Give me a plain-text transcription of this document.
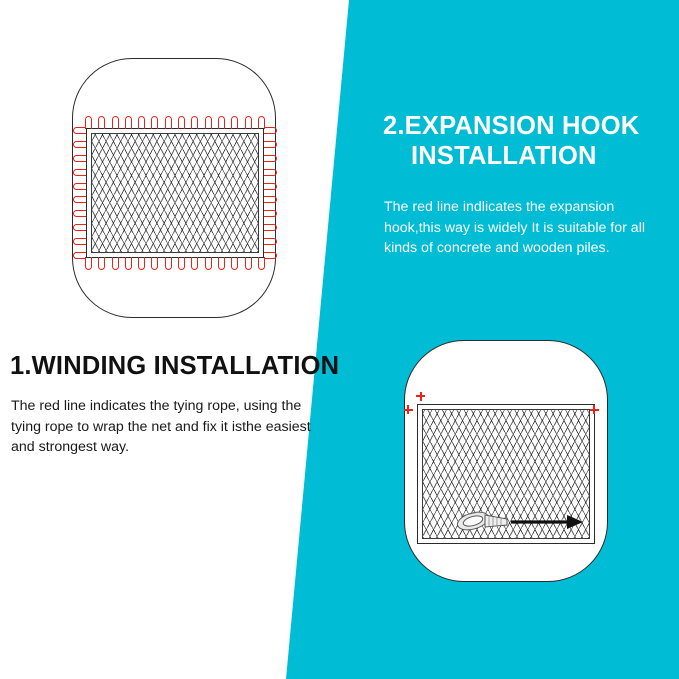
1.WINDING INSTALLATION
The red line indicates the tying rope, using the tying rope to wrap the net and fix it isthe easiest and strongest way.
2.EXPANSION HOOK
INSTALLATION
The red line indlicates the expansion hook,this way is widely It is suitable for all kinds of concrete and wooden piles.
